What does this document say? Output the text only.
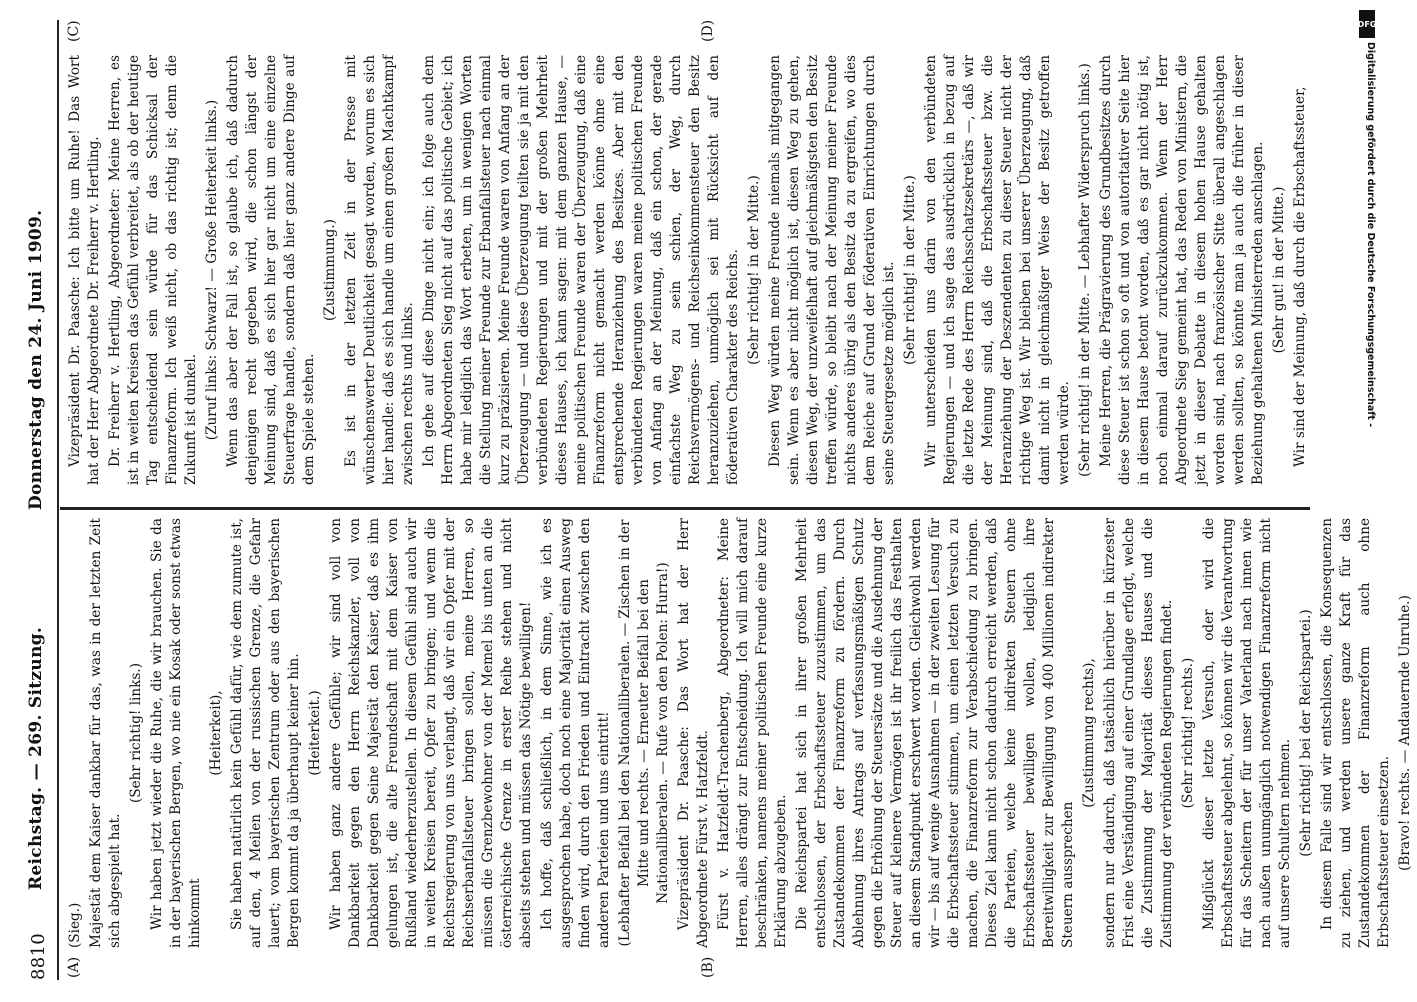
8810
Reichstag. — 269. Sitzung.
Donnerstag den 24. Juni 1909.
(A)	(B)
(C)	(D)

(Sieg.) Majestät dem Kaiser dankbar für das, was in der letzten Zeit sich abgespielt hat.

(Sehr richtig! links.) Wir haben jetzt wieder die Ruhe, die wir brauchen. Sie da in der bayerischen Bergen, wo nie ein Kosak oder sonst etwas hinkommt

(Heiterkeit), Sie haben natürlich kein Gefühl dafür, wie dem zumute ist, auf den, 4 Meilen von der russischen Grenze, die Gefahr lauert; vom bayerischen Zentrum oder aus den bayerischen Bergen kommt da ja überhaupt keiner hin. (Heiterkeit.) Wir haben ganz andere Gefühle; wir sind voll von Dankbarkeit gegen den Herrn Reichskanzler, voll von Dankbarkeit gegen Seine Majestät den Kaiser, daß es ihm gelungen ist, die alte Freundschaft mit dem Kaiser von Rußland wiederherzustellen. In diesem Gefühl sind auch wir in weiten Kreisen bereit, Opfer zu bringen; und wenn die Reichsregierung von uns verlangt, daß wir ein Opfer mit der Reichserbanfallsteuer bringen sollen, meine Herren, so müssen die Grenzbewohner von der Memel bis unten an die österreichische Grenze in erster Reihe stehen und nicht abseits stehen und müssen das Nötige bewilligen! Ich hoffe, daß schließlich, in dem Sinne, wie ich es ausgesprochen habe, doch noch eine Majorität einen Ausweg finden wird, durch den Frieden und Eintracht zwischen den anderen Parteien und uns eintritt! (Lebhafter Beifall bei den Nationalliberalen. — Zischen in der Mitte und rechts. — Erneuter Beifall bei den Nationalliberalen. — Rufe von den Polen: Hurra!) Vizepräsident Dr. Paasche: Das Wort hat der Herr Abgeordnete Fürst v. Hatzfeldt. Fürst v. Hatzfeldt-Trachenberg, Abgeordneter: Meine Herren, alles drängt zur Entscheidung. Ich will mich darauf beschränken, namens meiner politischen Freunde eine kurze Erklärung abzugeben. Die Reichspartei hat sich in ihrer großen Mehrheit entschlossen, der Erbschaftssteuer zuzustimmen, um das Zustandekommen der Finanzreform zu fördern. Durch Ablehnung ihres Antrags auf verfassungsmäßigen Schutz gegen die Erhöhung der Steuersätze und die Ausdehnung der Steuer auf kleinere Vermögen ist ihr freilich das Festhalten an diesem Standpunkt erschwert worden. Gleichwohl werden wir — bis auf wenige Ausnahmen — in der zweiten Lesung für die Erbschaftssteuer stimmen, um einen letzten Versuch zu machen, die Finanzreform zur Verabschiedung zu bringen. Dieses Ziel kann nicht schon dadurch erreicht werden, daß die Parteien, welche keine indirekten Steuern ohne Erbschaftssteuer bewilligen wollen, lediglich ihre Bereitwilligkeit zur Bewilligung von 400 Millionen indirekter Steuern aussprechen

(Zustimmung rechts), sondern nur dadurch, daß tatsächlich hierüber in kürzester Frist eine Verständigung auf einer Grundlage erfolgt, welche die Zustimmung der Majorität dieses Hauses und die Zustimmung der verbündeten Regierungen findet. (Sehr richtig! rechts.) Mißglückt dieser letzte Versuch, oder wird die Erbschaftssteuer abgelehnt, so können wir die Verantwortung für das Scheitern der für unser Vaterland nach innen wie nach außen unumgänglich notwendigen Finanzreform nicht auf unsere Schultern nehmen. (Sehr richtig! bei der Reichspartei.) In diesem Falle sind wir entschlossen, die Konsequenzen zu ziehen, und werden unsere ganze Kraft für das Zustandekommen der Finanzreform auch ohne Erbschaftssteuer einsetzen. (Bravo! rechts. — Andauernde Unruhe.)

Vizepräsident Dr. Paasche: Ich bitte um Ruhe! Das Wort hat der Herr Abgeordnete Dr. Freiherr v. Hertling. Dr. Freiherr v. Hertling, Abgeordneter: Meine Herren, es ist in weiten Kreisen das Gefühl verbreitet, als ob der heutige Tag entscheidend sein würde für das Schicksal der Finanzreform. Ich weiß nicht, ob das richtig ist; denn die Zukunft ist dunkel. (Zuruf links: Schwarz! — Große Heiterkeit links.) Wenn das aber der Fall ist, so glaube ich, daß dadurch denjenigen recht gegeben wird, die schon längst der Meinung sind, daß es sich hier gar nicht um eine einzelne Steuerfrage handle, sondern daß hier ganz andere Dinge auf dem Spiele stehen.

(Zustimmung.) Es ist in der letzten Zeit in der Presse mit wünschenswerter Deutlichkeit gesagt worden, worum es sich hier handle: daß es sich handle um einen großen Machtkampf zwischen rechts und links. Ich gehe auf diese Dinge nicht ein; ich folge auch dem Herrn Abgeordneten Sieg nicht auf das politische Gebiet; ich habe mir lediglich das Wort erbeten, um in wenigen Worten die Stellung meiner Freunde zur Erbanfallsteuer nach einmal kurz zu präzisieren. Meine Freunde waren von Anfang an der Überzeugung — und diese Überzeugung teilten sie ja mit den verbündeten Regierungen und mit der großen Mehrheit dieses Hauses, ich kann sagen: mit dem ganzen Hause, — meine politischen Freunde waren der Überzeugung, daß eine Finanzreform nicht gemacht werden könne ohne eine entsprechende Heranziehung des Besitzes. Aber mit den verbündeten Regierungen waren meine politischen Freunde von Anfang an der Meinung, daß ein schon, der gerade einfachste Weg zu sein schien, der Weg, durch Reichsvermögens- und Reichseinkommensteuer den Besitz heranzuziehen, unmöglich sei mit Rücksicht auf den föderativen Charakter des Reichs. (Sehr richtig! in der Mitte.) Diesen Weg würden meine Freunde niemals mitgegangen sein. Wenn es aber nicht möglich ist, diesen Weg zu gehen, diesen Weg, der unzweifelhaft auf gleichmäßigsten den Besitz treffen würde, so bleibt nach der Meinung meiner Freunde nichts anderes übrig als den Besitz da zu ergreifen, wo dies dem Reiche auf Grund der föderativen Einrichtungen durch seine Steuergesetze möglich ist. (Sehr richtig! in der Mitte.) Wir unterscheiden uns darin von den verbündeten Regierungen — und ich sage das ausdrücklich in bezug auf die letzte Rede des Herrn Reichsschatzsekretärs —, daß wir der Meinung sind, daß die Erbschaftssteuer bzw. die Heranziehung der Deszendenten zu dieser Steuer nicht der richtige Weg ist. Wir bleiben bei unserer Überzeugung, daß damit nicht in gleichmäßiger Weise der Besitz getroffen werden würde. (Sehr richtig! in der Mitte. — Lebhafter Widerspruch links.) Meine Herren, die Prägravierung des Grundbesitzes durch diese Steuer ist schon so oft und von autoritativer Seite hier in diesem Hause betont worden, daß es gar nicht nötig ist, noch einmal darauf zurückzukommen. Wenn der Herr Abgeordnete Sieg gemeint hat, das Reden von Ministern, die jetzt in dieser Debatte in diesem hohen Hause gehalten worden sind, nach französischer Sitte überall angeschlagen werden sollten, so könnte man ja auch die früher in dieser Beziehung gehaltenen Ministerreden anschlagen. (Sehr gut! in der Mitte.) Wir sind der Meinung, daß durch die Erbschaftssteuer,

DFG
Digitalisierung gefördert durch die Deutsche Forschungsgemeinschaft -
